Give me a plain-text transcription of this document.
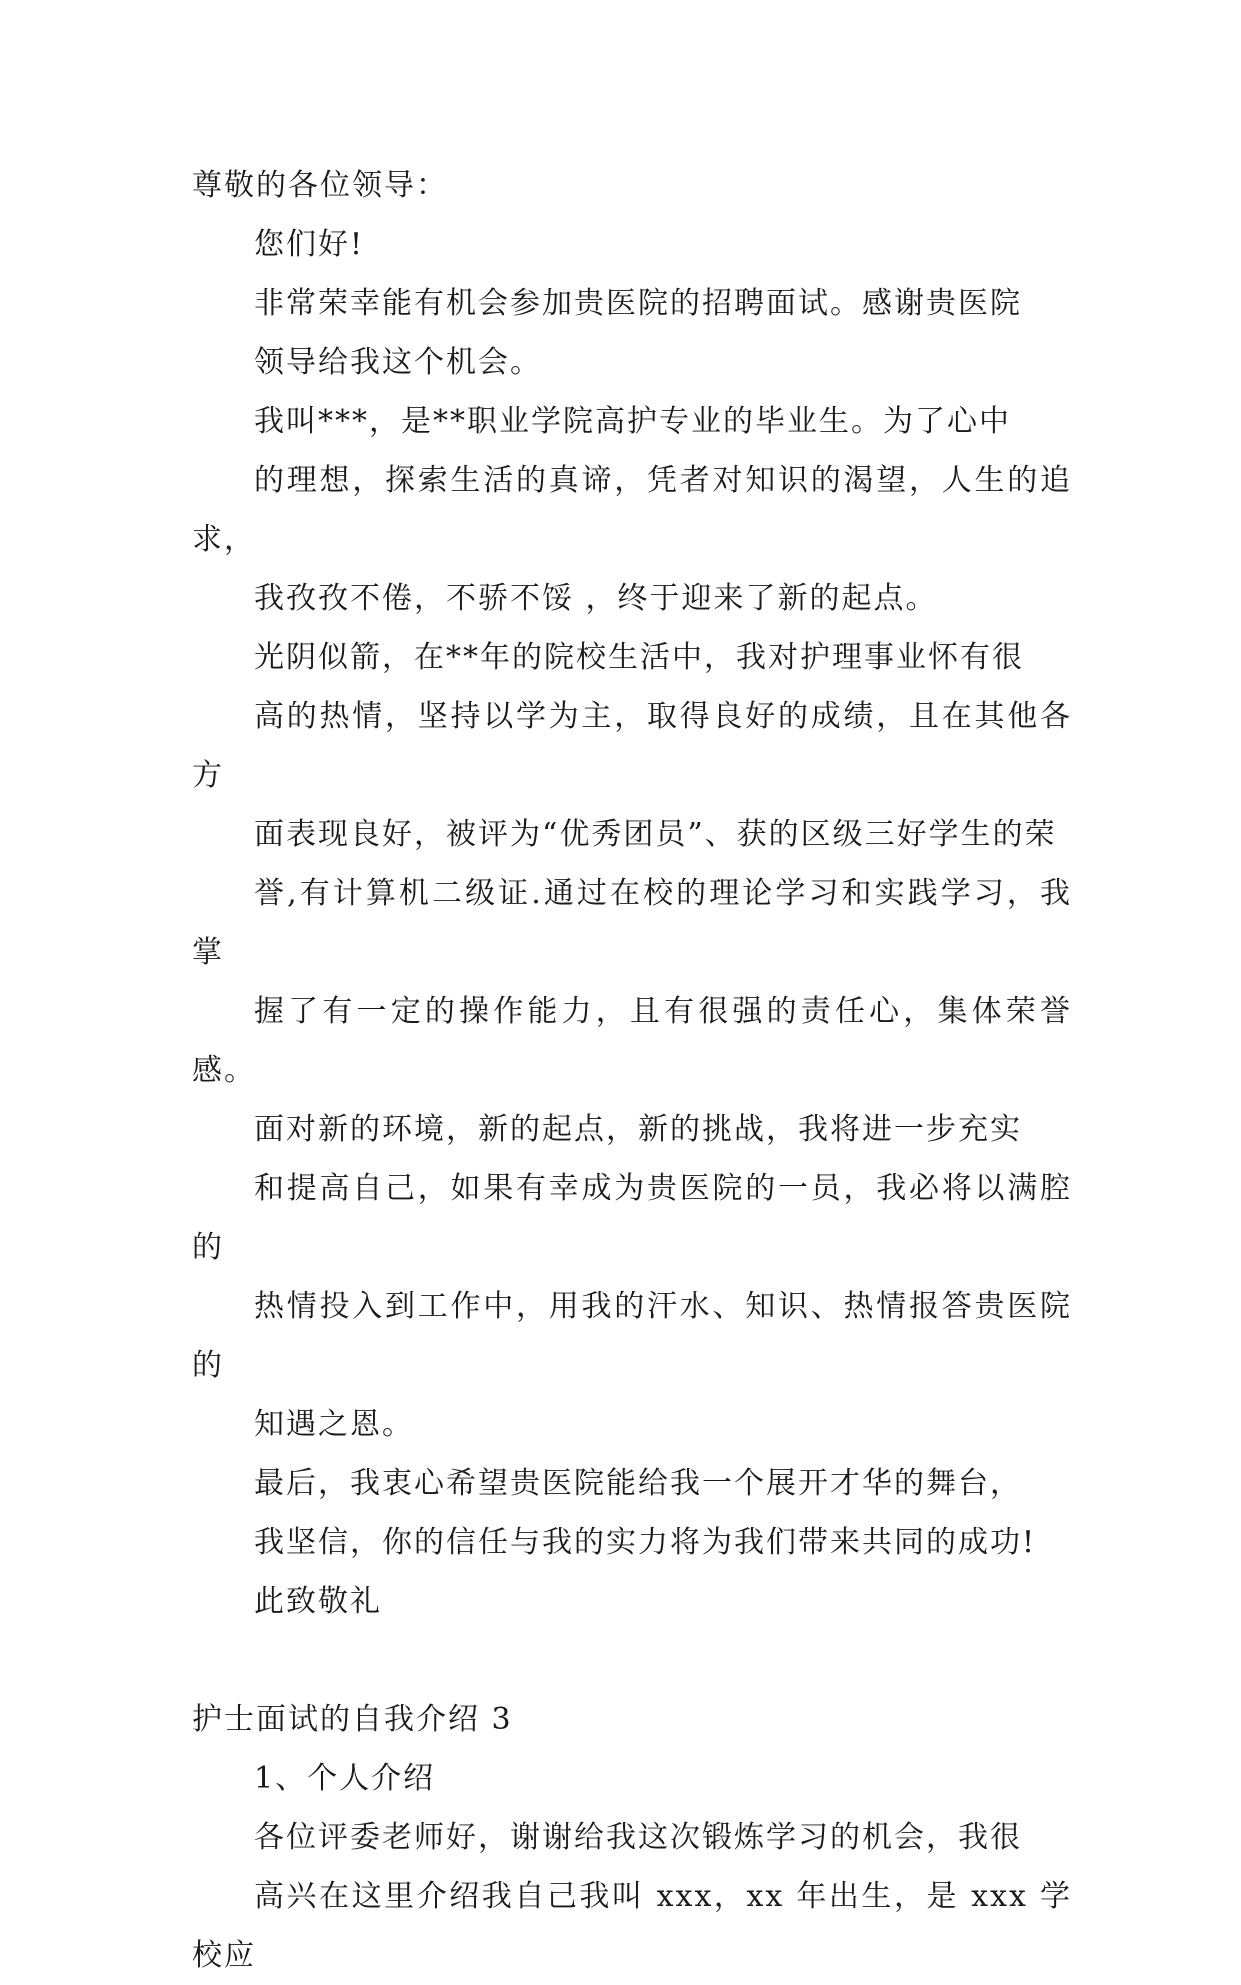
尊敬的各位领导：

您们好!

非常荣幸能有机会参加贵医院的招聘面试。感谢贵医院
领导给我这个机会。

我叫***，是**职业学院高护专业的毕业生。为了心中
的理想，探索生活的真谛，凭者对知识的渴望，人生的追求，
我孜孜不倦，不骄不馁 ，终于迎来了新的起点。

光阴似箭，在**年的院校生活中，我对护理事业怀有很
高的热情，坚持以学为主，取得良好的成绩，且在其他各方
面表现良好，被评为“优秀团员”、获的区级三好学生的荣
誉,有计算机二级证.通过在校的理论学习和实践学习，我掌
握了有一定的操作能力，且有很强的责任心，集体荣誉感。

面对新的环境，新的起点，新的挑战，我将进一步充实
和提高自己，如果有幸成为贵医院的一员，我必将以满腔的
热情投入到工作中，用我的汗水、知识、热情报答贵医院的
知遇之恩。

最后，我衷心希望贵医院能给我一个展开才华的舞台，
我坚信，你的信任与我的实力将为我们带来共同的成功!

此致敬礼

护士面试的自我介绍 3

1、个人介绍

各位评委老师好，谢谢给我这次锻炼学习的机会，我很
高兴在这里介绍我自己我叫 xxx，xx 年出生，是 xxx 学校应
